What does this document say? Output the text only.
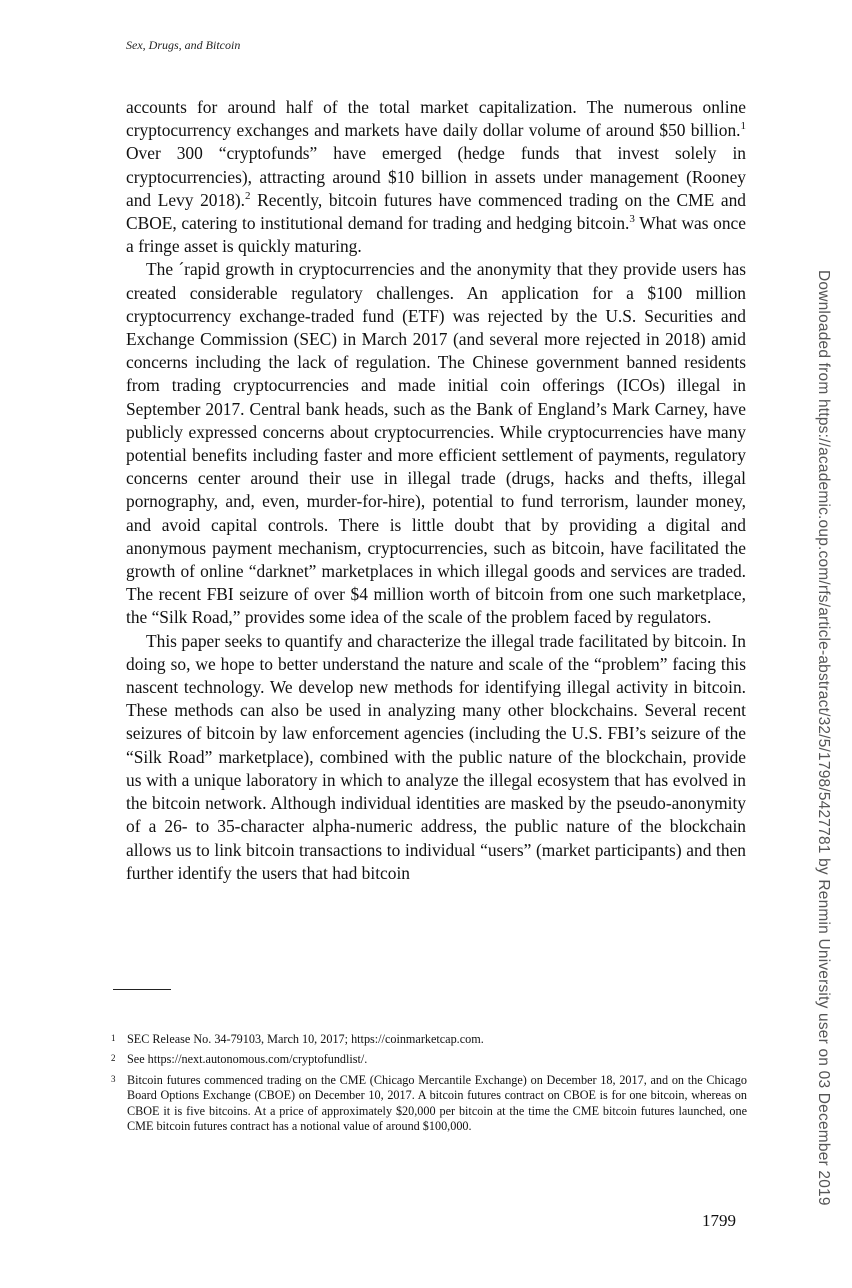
Sex, Drugs, and Bitcoin

accounts for around half of the total market capitalization. The numerous online cryptocurrency exchanges and markets have daily dollar volume of around $50 billion.$^1$ Over 300 “cryptofunds” have emerged (hedge funds that invest solely in cryptocurrencies), attracting around $10 billion in assets under management (Rooney and Levy 2018).$^2$ Recently, bitcoin futures have commenced trading on the CME and CBOE, catering to institutional demand for trading and hedging bitcoin.$^3$ What was once a fringe asset is quickly maturing.

The ´rapid growth in cryptocurrencies and the anonymity that they provide users has created considerable regulatory challenges. An application for a $100 million cryptocurrency exchange-traded fund (ETF) was rejected by the U.S. Securities and Exchange Commission (SEC) in March 2017 (and several more rejected in 2018) amid concerns including the lack of regulation. The Chinese government banned residents from trading cryptocurrencies and made initial coin offerings (ICOs) illegal in September 2017. Central bank heads, such as the Bank of England’s Mark Carney, have publicly expressed concerns about cryptocurrencies. While cryptocurrencies have many potential benefits including faster and more efficient settlement of payments, regulatory concerns center around their use in illegal trade (drugs, hacks and thefts, illegal pornography, and, even, murder-for-hire), potential to fund terrorism, launder money, and avoid capital controls. There is little doubt that by providing a digital and anonymous payment mechanism, cryptocurrencies, such as bitcoin, have facilitated the growth of online “darknet” marketplaces in which illegal goods and services are traded. The recent FBI seizure of over $4 million worth of bitcoin from one such marketplace, the “Silk Road,” provides some idea of the scale of the problem faced by regulators.

This paper seeks to quantify and characterize the illegal trade facilitated by bitcoin. In doing so, we hope to better understand the nature and scale of the “problem” facing this nascent technology. We develop new methods for identifying illegal activity in bitcoin. These methods can also be used in analyzing many other blockchains. Several recent seizures of bitcoin by law enforcement agencies (including the U.S. FBI’s seizure of the “Silk Road” marketplace), combined with the public nature of the blockchain, provide us with a unique laboratory in which to analyze the illegal ecosystem that has evolved in the bitcoin network. Although individual identities are masked by the pseudo-anonymity of a 26- to 35-character alpha-numeric address, the public nature of the blockchain allows us to link bitcoin transactions to individual “users” (market participants) and then further identify the users that had bitcoin

1 SEC Release No. 34-79103, March 10, 2017; https://coinmarketcap.com.
2 See https://next.autonomous.com/cryptofundlist/.
3 Bitcoin futures commenced trading on the CME (Chicago Mercantile Exchange) on December 18, 2017, and on the Chicago Board Options Exchange (CBOE) on December 10, 2017. A bitcoin futures contract on CBOE is for one bitcoin, whereas on CBOE it is five bitcoins. At a price of approximately $20,000 per bitcoin at the time the CME bitcoin futures launched, one CME bitcoin futures contract has a notional value of around $100,000.
1799
Downloaded from https://academic.oup.com/rfs/article-abstract/32/5/1798/5427781 by Renmin University user on 03 December 2019
